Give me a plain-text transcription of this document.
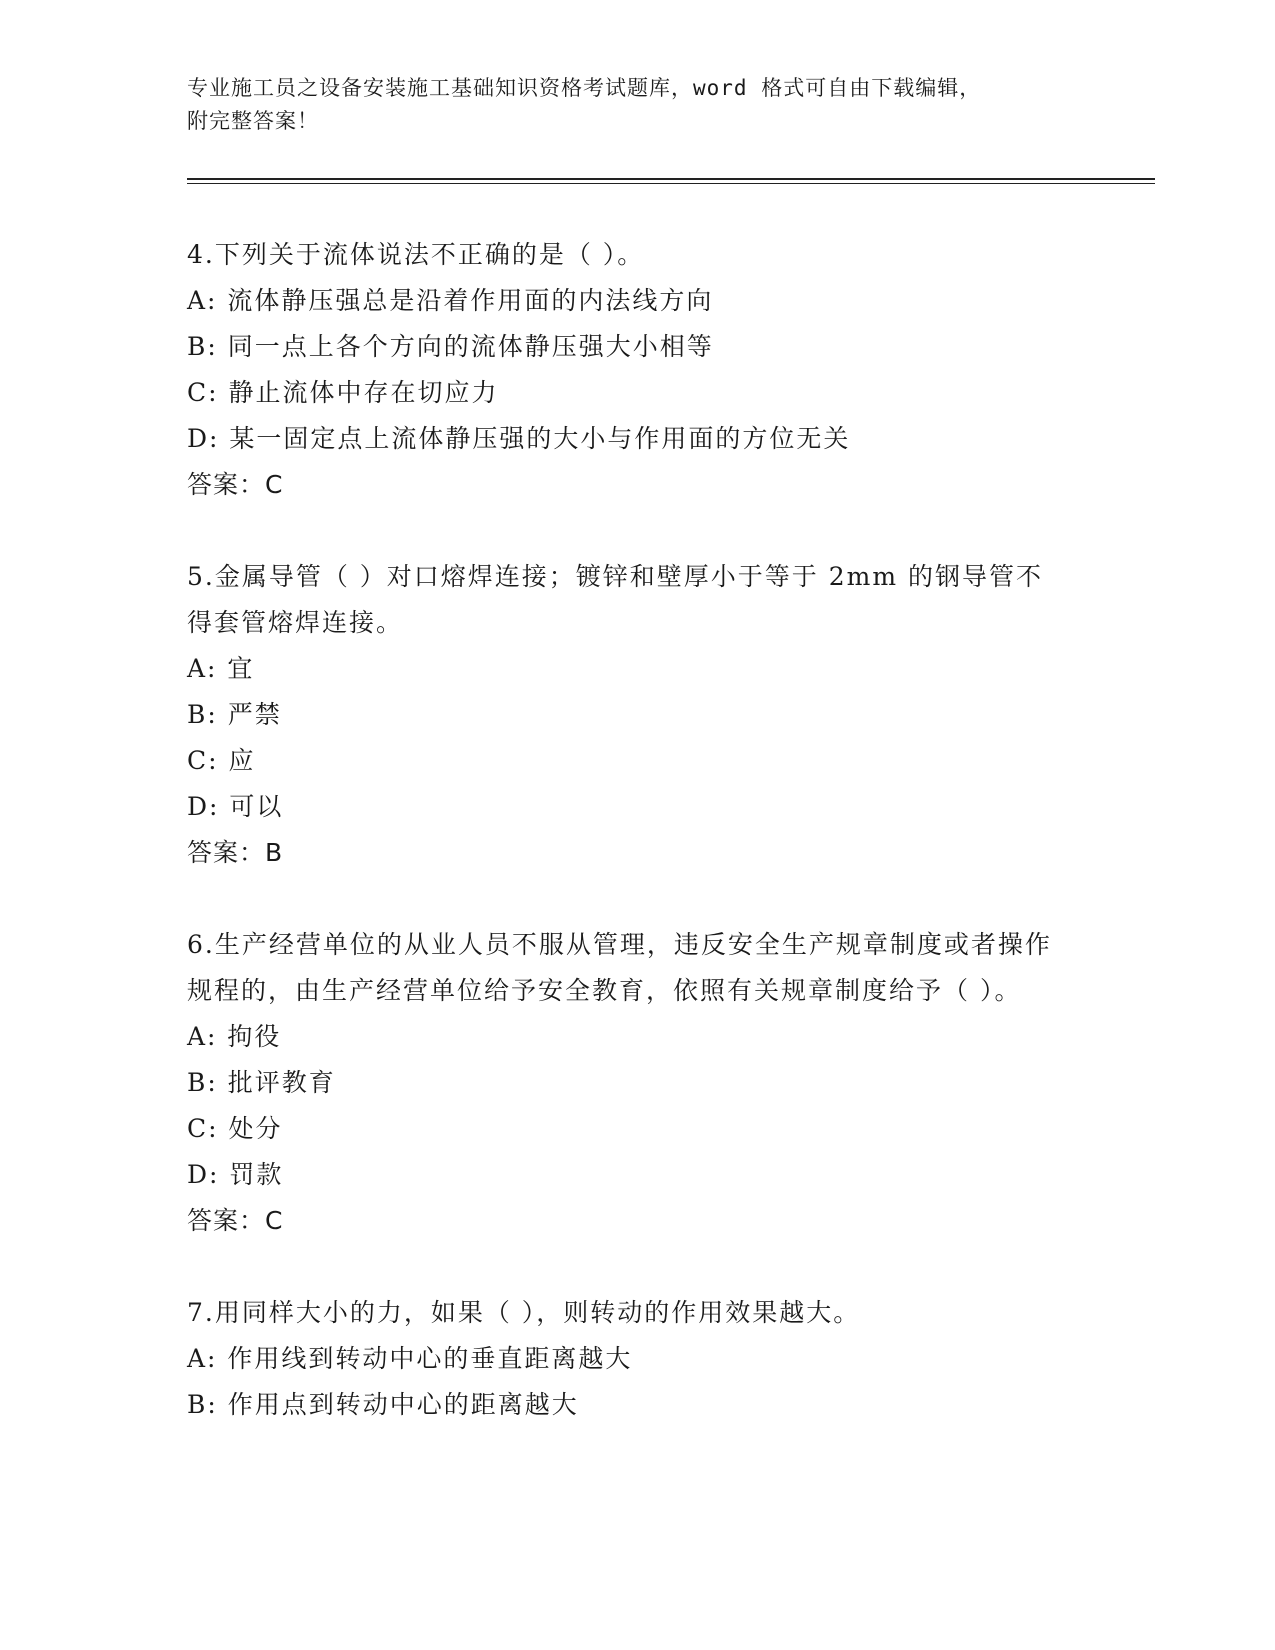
专业施工员之设备安装施工基础知识资格考试题库，word 格式可自由下载编辑，
附完整答案！
4.下列关于流体说法不正确的是（ ）。
A: 流体静压强总是沿着作用面的内法线方向
B: 同一点上各个方向的流体静压强大小相等
C: 静止流体中存在切应力
D: 某一固定点上流体静压强的大小与作用面的方位无关
答案：C
5.金属导管（ ）对口熔焊连接；镀锌和壁厚小于等于 2mm 的钢导管不得套管熔焊连接。
A: 宜
B: 严禁
C: 应
D: 可以
答案：B
6.生产经营单位的从业人员不服从管理，违反安全生产规章制度或者操作规程的，由生产经营单位给予安全教育，依照有关规章制度给予（ ）。
A: 拘役
B: 批评教育
C: 处分
D: 罚款
答案：C
7.用同样大小的力，如果（ ），则转动的作用效果越大。
A: 作用线到转动中心的垂直距离越大
B: 作用点到转动中心的距离越大
